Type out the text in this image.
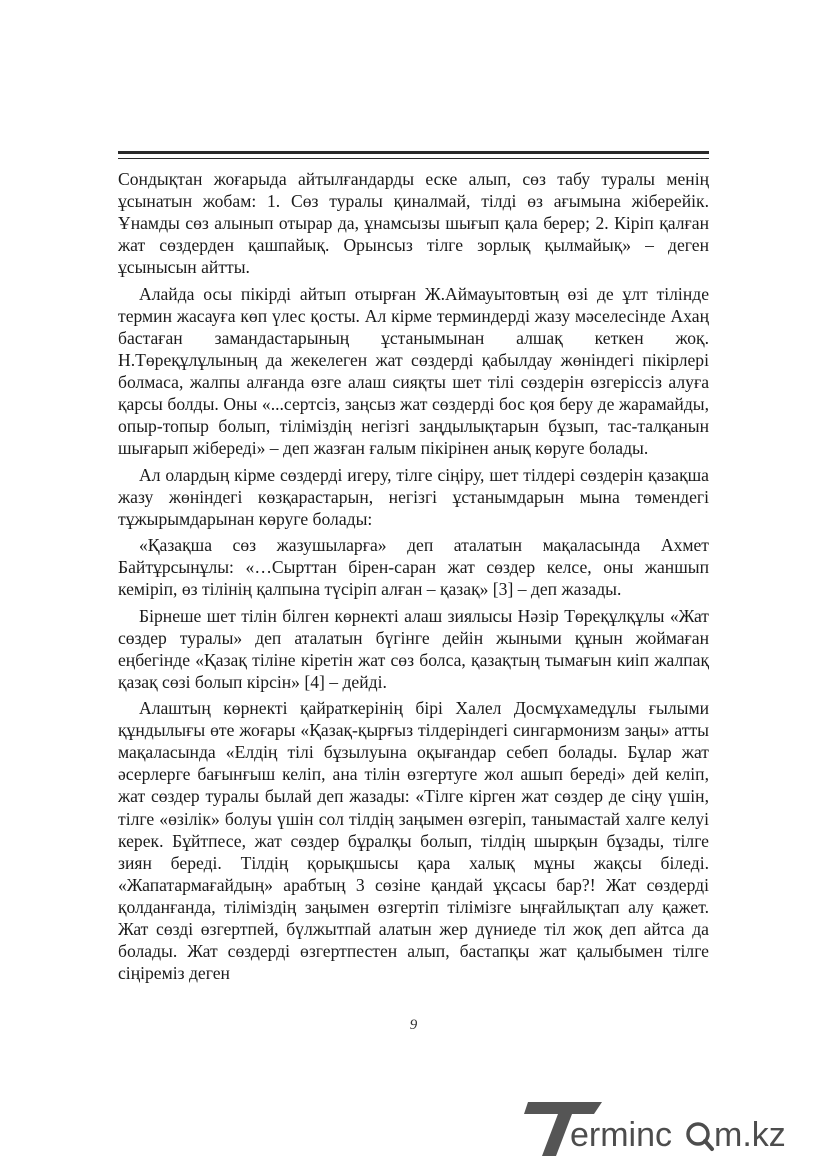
Сондықтан жоғарыда айтылғандарды еске алып, сөз табу туралы менің ұсынатын жобам: 1. Сөз туралы қиналмай, тілді өз ағымына жіберейік. Ұнамды сөз алынып отырар да, ұнамсызы шығып қала берер; 2. Кіріп қалған жат сөздерден қашпайық. Орынсыз тілге зорлық қылмайық» – деген ұсынысын айтты.

Алайда осы пікірді айтып отырған Ж.Аймауытовтың өзі де ұлт тілінде термин жасауға көп үлес қосты. Ал кірме терминдерді жазу мәселесінде Ахаң бастаған замандастарының ұстанымынан алшақ кеткен жоқ. Н.Төреқұлұлының да жекелеген жат сөздерді қабылдау жөніндегі пікірлері болмаса, жалпы алғанда өзге алаш сияқты шет тілі сөздерін өзгеріссіз алуға қарсы болды. Оны «...сертсіз, заңсыз жат сөздерді бос қоя беру де жарамайды, опыр-топыр болып, тіліміздің негізгі заңдылықтарын бұзып, тас-талқанын шығарып жібереді» – деп жазған ғалым пікірінен анық көруге болады.

Ал олардың кірме сөздерді игеру, тілге сіңіру, шет тілдері сөздерін қазақша жазу жөніндегі көзқарастарын, негізгі ұстанымдарын мына төмендегі тұжырымдарынан көруге болады:

«Қазақша сөз жазушыларға» деп аталатын мақаласында Ахмет Байтұрсынұлы: «…Сырттан бірен-саран жат сөздер келсе, оны жаншып кеміріп, өз тілінің қалпына түсіріп алған – қазақ» [3] – деп жазады.

Бірнеше шет тілін білген көрнекті алаш зиялысы Нәзір Төреқұлқұлы «Жат сөздер туралы» деп аталатын бүгінге дейін жыными құнын жоймаған еңбегінде «Қазақ тіліне кіретін жат сөз болса, қазақтың тымағын киіп жалпақ қазақ сөзі болып кірсін» [4] – дейді.

Алаштың көрнекті қайраткерінің бірі Халел Досмұхамедұлы ғылыми құндылығы өте жоғары «Қазақ-қырғыз тілдеріндегі сингармонизм заңы» атты мақаласында «Елдің тілі бұзылуына оқығандар себеп болады. Бұлар жат әсерлерге бағынғыш келіп, ана тілін өзгертуге жол ашып береді» дей келіп, жат сөздер туралы былай деп жазады: «Тілге кірген жат сөздер де сіңу үшін, тілге «өзілік» болуы үшін сол тілдің заңымен өзгеріп, танымастай халге келуі керек. Бұйтпесе, жат сөздер бұралқы болып, тілдің шырқын бұзады, тілге зиян береді. Тілдің қорықшысы қара халық мұны жақсы біледі. «Жапатармағайдың» арабтың 3 сөзіне қандай ұқсасы бар?! Жат сөздерді қолданғанда, тіліміздің заңымен өзгертіп тілімізге ыңғайлықтап алу қажет. Жат сөзді өзгертпей, бүлжытпай алатын жер дүниеде тіл жоқ деп айтса да болады. Жат сөздерді өзгертпестен алып, бастапқы жат қалыбымен тілге сіңіреміз деген

9
erminc m.kz
